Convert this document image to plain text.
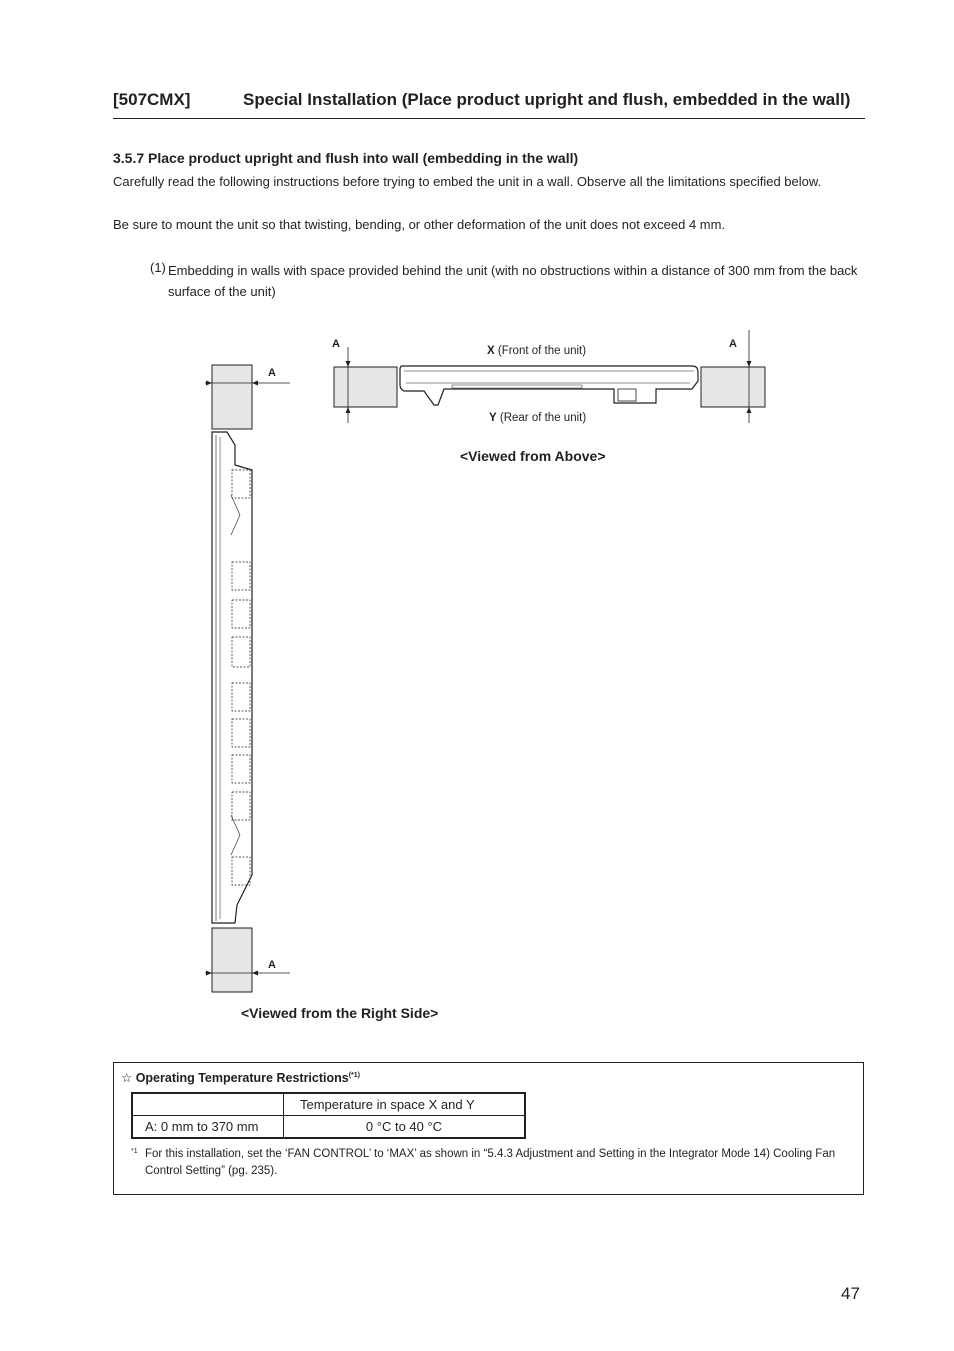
[507CMX]	Special Installation (Place product upright and flush, embedded in the wall)
3.5.7 Place product upright and flush into wall (embedding in the wall)
Carefully read the following instructions before trying to embed the unit in a wall. Observe all the limitations specified below.
Be sure to mount the unit so that twisting, bending, or other deformation of the unit does not exceed 4 mm.
(1) Embedding in walls with space provided behind the unit (with no obstructions within a distance of 300 mm from the back surface of the unit)
A	A
X (Front of the unit)
Y (Rear of the unit)
<Viewed from Above>
A
A
<Viewed from the Right Side>
☆ Operating Temperature Restrictions$^{(*1)}$
	Temperature in space X and Y
A: 0 mm to 370 mm	0 °C to 40 °C
*1 For this installation, set the ‘FAN CONTROL’ to ‘MAX’ as shown in “5.4.3 Adjustment and Setting in the Integrator Mode 14) Cooling Fan Control Setting” (pg. 235).
47
